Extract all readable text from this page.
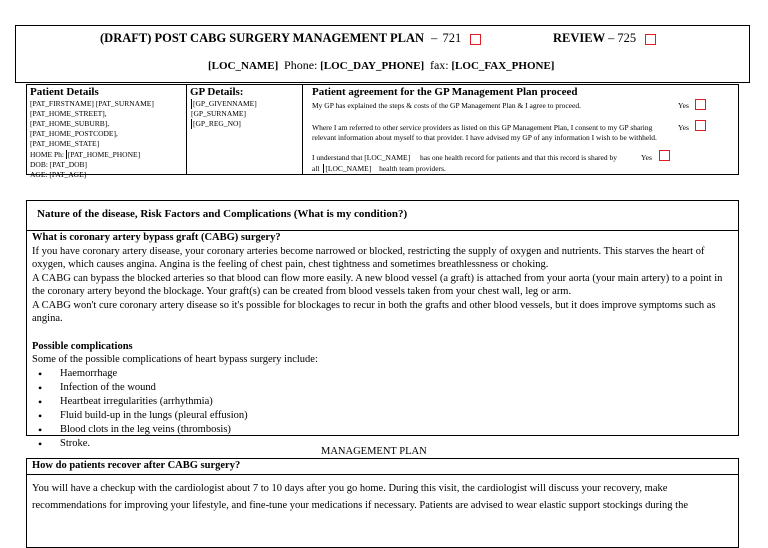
(DRAFT) POST CABG SURGERY MANAGEMENT PLAN – 721	REVIEW – 725
[LOC_NAME] Phone: [LOC_DAY_PHONE] fax: [LOC_FAX_PHONE]
Patient Details
[PAT_FIRSTNAME] [PAT_SURNAME]
[PAT_HOME_STREET],
[PAT_HOME_SUBURB],
[PAT_HOME_POSTCODE],
[PAT_HOME_STATE]
HOME Ph: [PAT_HOME_PHONE]
DOB: [PAT_DOB]
AGE: [PAT_AGE]
GP Details:
[GP_GIVENNAME]
[GP_SURNAME]
[GP_REG_NO]
Patient agreement for the GP Management Plan proceed
My GP has explained the steps & costs of the GP Management Plan & I agree to proceed.	Yes
Where I am referred to other service providers as listed on this GP Management Plan, I consent to my GP sharing
relevant information about myself to that provider. I have advised my GP of any information I wish to be withheld.
Yes
I understand that [LOC_NAME] has one health record for patients and that this record is shared by	Yes
all [LOC_NAME] health team providers.
Nature of the disease, Risk Factors and Complications (What is my condition?)
What is coronary artery bypass graft (CABG) surgery?
If you have coronary artery disease, your coronary arteries become narrowed or blocked, restricting the supply of oxygen and nutrients. This starves the heart of oxygen, which causes angina. Angina is the feeling of chest pain, chest tightness and sometimes breathlessness or choking.
A CABG can bypass the blocked arteries so that blood can flow more easily. A new blood vessel (a graft) is attached from your aorta (your main artery) to a point in the coronary artery beyond the blockage. Your graft(s) can be created from blood vessels taken from your chest wall, leg or arm.
A CABG won't cure coronary artery disease so it's possible for blockages to recur in both the grafts and other blood vessels, but it does improve symptoms such as angina.
Possible complications
Some of the possible complications of heart bypass surgery include:
• Haemorrhage
• Infection of the wound
• Heartbeat irregularities (arrhythmia)
• Fluid build-up in the lungs (pleural effusion)
• Blood clots in the leg veins (thrombosis)
• Stroke.
MANAGEMENT PLAN
How do patients recover after CABG surgery?
You will have a checkup with the cardiologist about 7 to 10 days after you go home. During this visit, the cardiologist will discuss your recovery, make recommendations for improving your lifestyle, and fine-tune your medications if necessary. Patients are advised to wear elastic support stockings during the
